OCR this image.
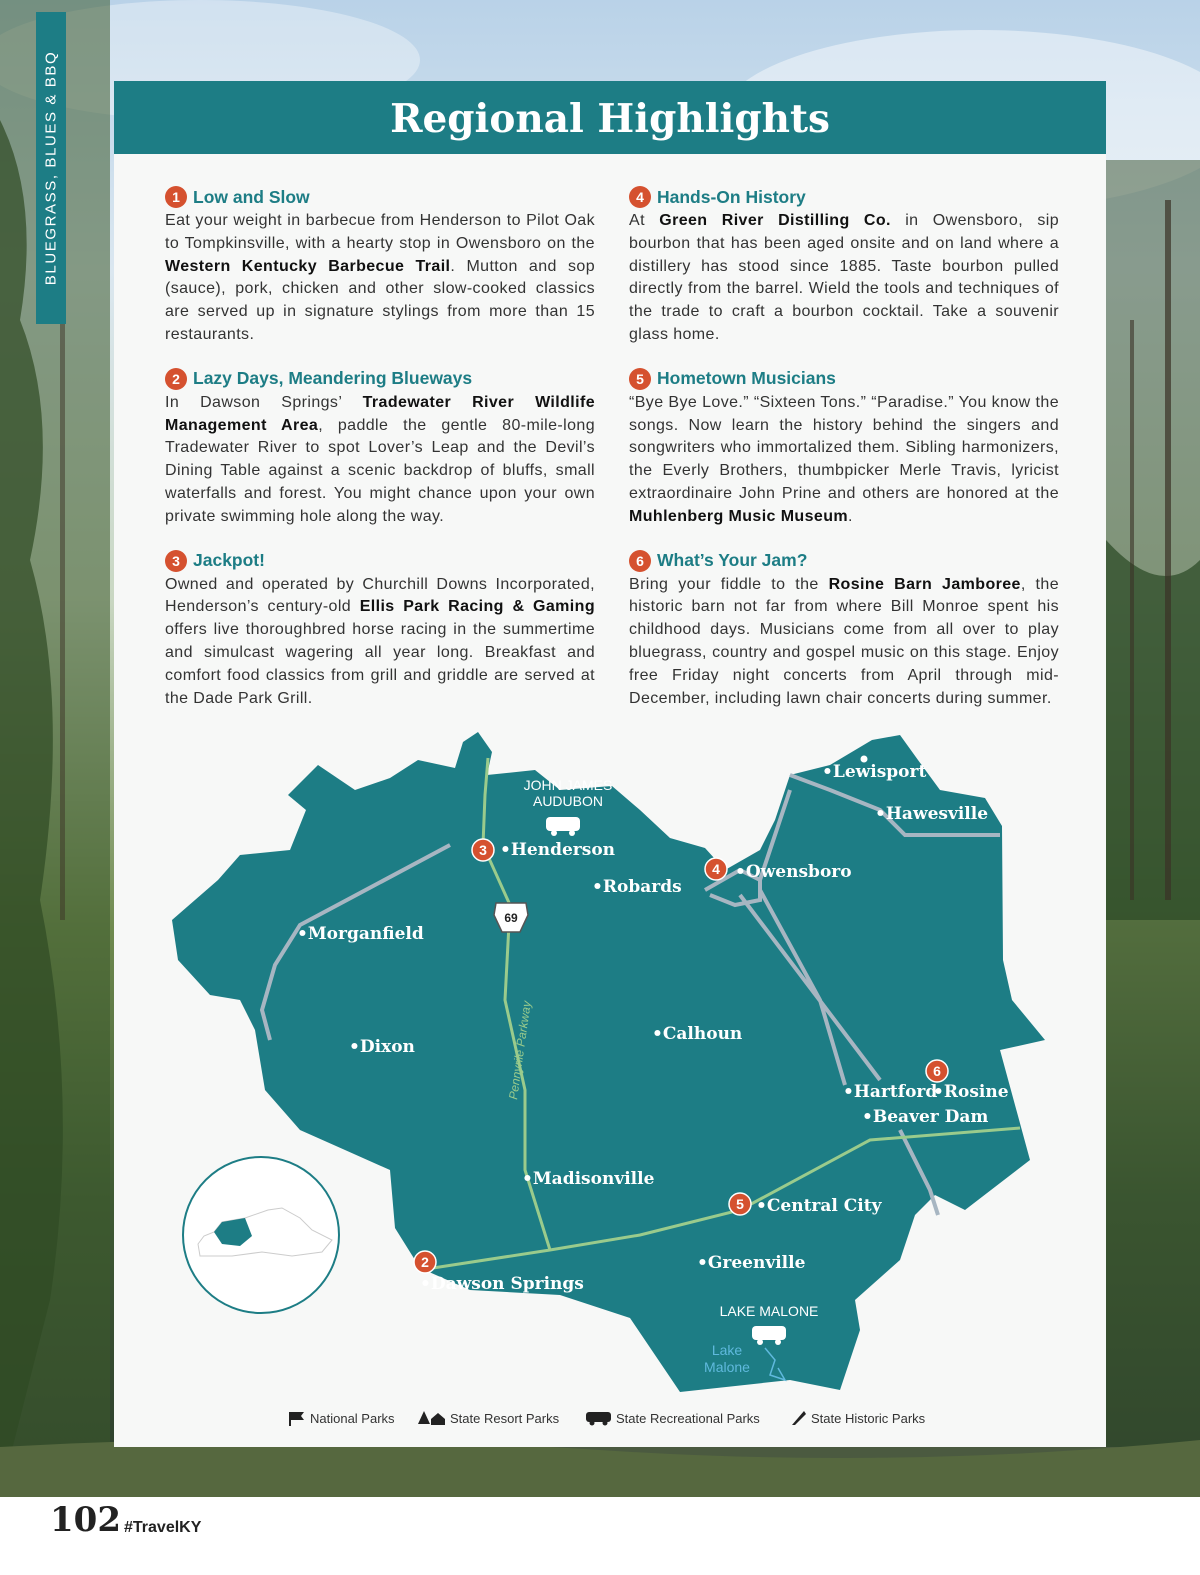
BLUEGRASS, BLUES & BBQ	Regional Highlights
1 Low and Slow
Eat your weight in barbecue from Henderson to Pilot Oak to Tompkinsville, with a hearty stop in Owensboro on the Western Kentucky Barbecue Trail. Mutton and sop (sauce), pork, chicken and other slow-cooked classics are served up in signature stylings from more than 15 restaurants.
2 Lazy Days, Meandering Blueways
In Dawson Springs’ Tradewater River Wildlife Management Area, paddle the gentle 80-mile-long Tradewater River to spot Lover’s Leap and the Devil’s Dining Table against a scenic backdrop of bluffs, small waterfalls and forest. You might chance upon your own private swimming hole along the way.
3 Jackpot!
Owned and operated by Churchill Downs Incorporated, Henderson’s century-old Ellis Park Racing & Gaming offers live thoroughbred horse racing in the summertime and simulcast wagering all year long. Breakfast and comfort food classics from grill and griddle are served at the Dade Park Grill.
4 Hands-On History
At Green River Distilling Co. in Owensboro, sip bourbon that has been aged onsite and on land where a distillery has stood since 1885. Taste bourbon pulled directly from the barrel. Wield the tools and techniques of the trade to craft a bourbon cocktail. Take a souvenir glass home.
5 Hometown Musicians
“Bye Bye Love.” “Sixteen Tons.” “Paradise.” You know the songs. Now learn the history behind the singers and songwriters who immortalized them. Sibling harmonizers, the Everly Brothers, thumbpicker Merle Travis, lyricist extraordinaire John Prine and others are honored at the Muhlenberg Music Museum.
6 What’s Your Jam?
Bring your fiddle to the Rosine Barn Jamboree, the historic barn not far from where Bill Monroe spent his childhood days. Musicians come from all over to play bluegrass, country and gospel music on this stage. Enjoy free Friday night concerts from April through mid-December, including lawn chair concerts during summer.
Pennyrile Parkway
69
•Henderson
•Robards
•Owensboro
•Lewisport
•Hawesville
•Morganfield
•Dixon
•Calhoun
•Hartford
•Rosine
•Beaver Dam
•Madisonville
•Central City
•Greenville
•Dawson Springs
JOHN JAMES AUDUBON
LAKE MALONE
Lake Malone
2
3
4
5
6
National Parks	State Resort Parks	State Recreational Parks	State Historic Parks
102 #TravelKY
